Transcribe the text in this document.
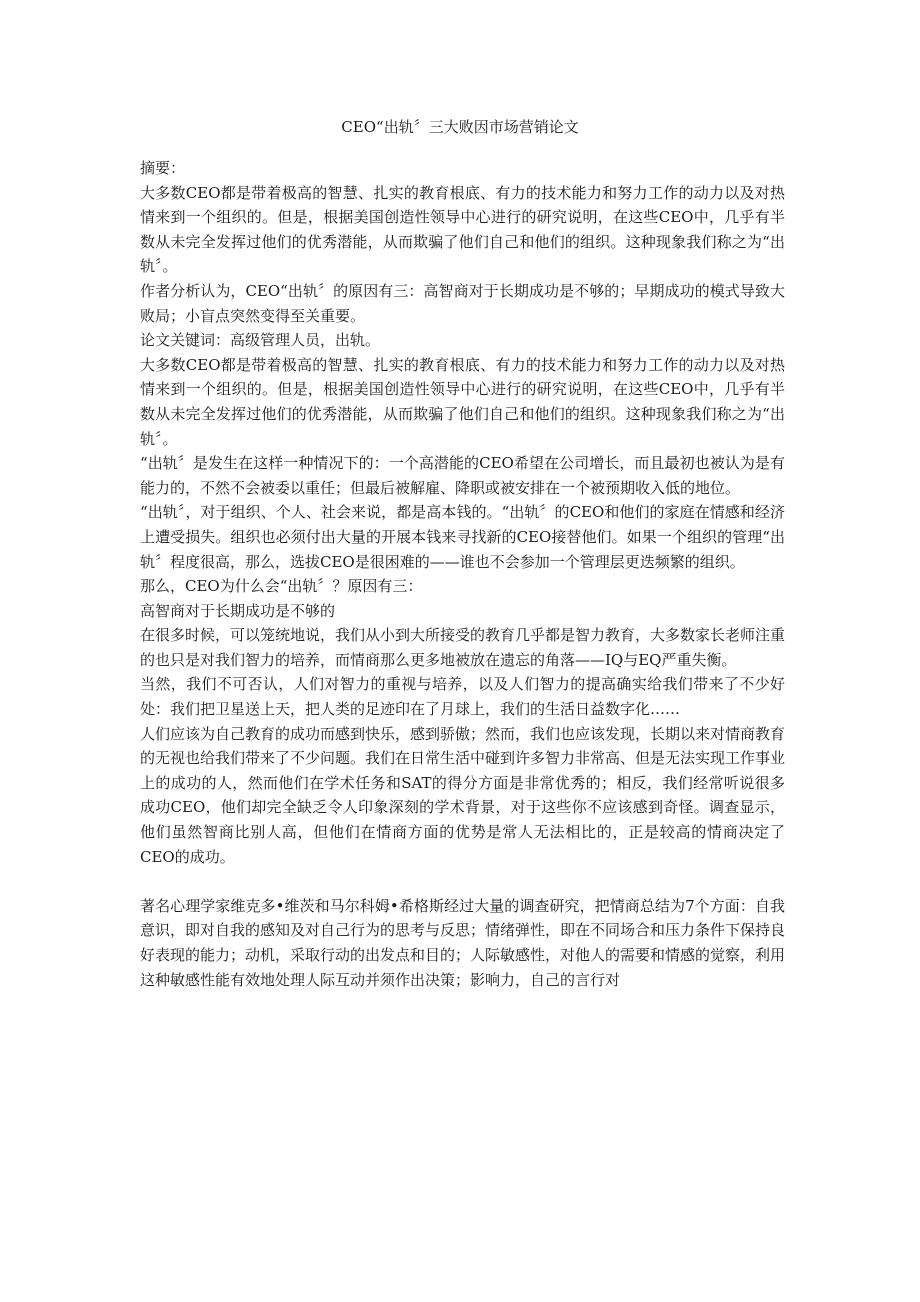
CEO“出轨〞三大败因市场营销论文

摘要：

大多数CEO都是带着极高的智慧、扎实的教育根底、有力的技术能力和努力工作的动力以及对热情来到一个组织的。但是，根据美国创造性领导中心进行的研究说明，在这些CEO中，几乎有半数从未完全发挥过他们的优秀潜能，从而欺骗了他们自己和他们的组织。这种现象我们称之为“出轨〞。

作者分析认为，CEO“出轨〞的原因有三：高智商对于长期成功是不够的；早期成功的模式导致大败局；小盲点突然变得至关重要。

论文关键词：高级管理人员，出轨。

大多数CEO都是带着极高的智慧、扎实的教育根底、有力的技术能力和努力工作的动力以及对热情来到一个组织的。但是，根据美国创造性领导中心进行的研究说明，在这些CEO中，几乎有半数从未完全发挥过他们的优秀潜能，从而欺骗了他们自己和他们的组织。这种现象我们称之为“出轨〞。

“出轨〞是发生在这样一种情况下的：一个高潜能的CEO希望在公司增长，而且最初也被认为是有能力的，不然不会被委以重任；但最后被解雇、降职或被安排在一个被预期收入低的地位。

“出轨〞，对于组织、个人、社会来说，都是高本钱的。“出轨〞的CEO和他们的家庭在情感和经济上遭受损失。组织也必须付出大量的开展本钱来寻找新的CEO接替他们。如果一个组织的管理“出轨〞程度很高，那么，选拔CEO是很困难的——谁也不会参加一个管理层更迭频繁的组织。

那么，CEO为什么会“出轨〞？原因有三：

高智商对于长期成功是不够的

在很多时候，可以笼统地说，我们从小到大所接受的教育几乎都是智力教育，大多数家长老师注重的也只是对我们智力的培养，而情商那么更多地被放在遗忘的角落——IQ与EQ严重失衡。

当然，我们不可否认，人们对智力的重视与培养，以及人们智力的提高确实给我们带来了不少好处：我们把卫星送上天，把人类的足迹印在了月球上，我们的生活日益数字化……

人们应该为自己教育的成功而感到快乐，感到骄傲；然而，我们也应该发现，长期以来对情商教育的无视也给我们带来了不少问题。我们在日常生活中碰到许多智力非常高、但是无法实现工作事业上的成功的人，然而他们在学术任务和SAT的得分方面是非常优秀的；相反，我们经常听说很多成功CEO，他们却完全缺乏令人印象深刻的学术背景，对于这些你不应该感到奇怪。调查显示，他们虽然智商比别人高，但他们在情商方面的优势是常人无法相比的，正是较高的情商决定了CEO的成功。

著名心理学家维克多•维茨和马尔科姆•希格斯经过大量的调查研究，把情商总结为7个方面：自我意识，即对自我的感知及对自己行为的思考与反思；情绪弹性，即在不同场合和压力条件下保持良好表现的能力；动机，采取行动的出发点和目的；人际敏感性，对他人的需要和情感的觉察，利用这种敏感性能有效地处理人际互动并须作出决策；影响力，自己的言行对
